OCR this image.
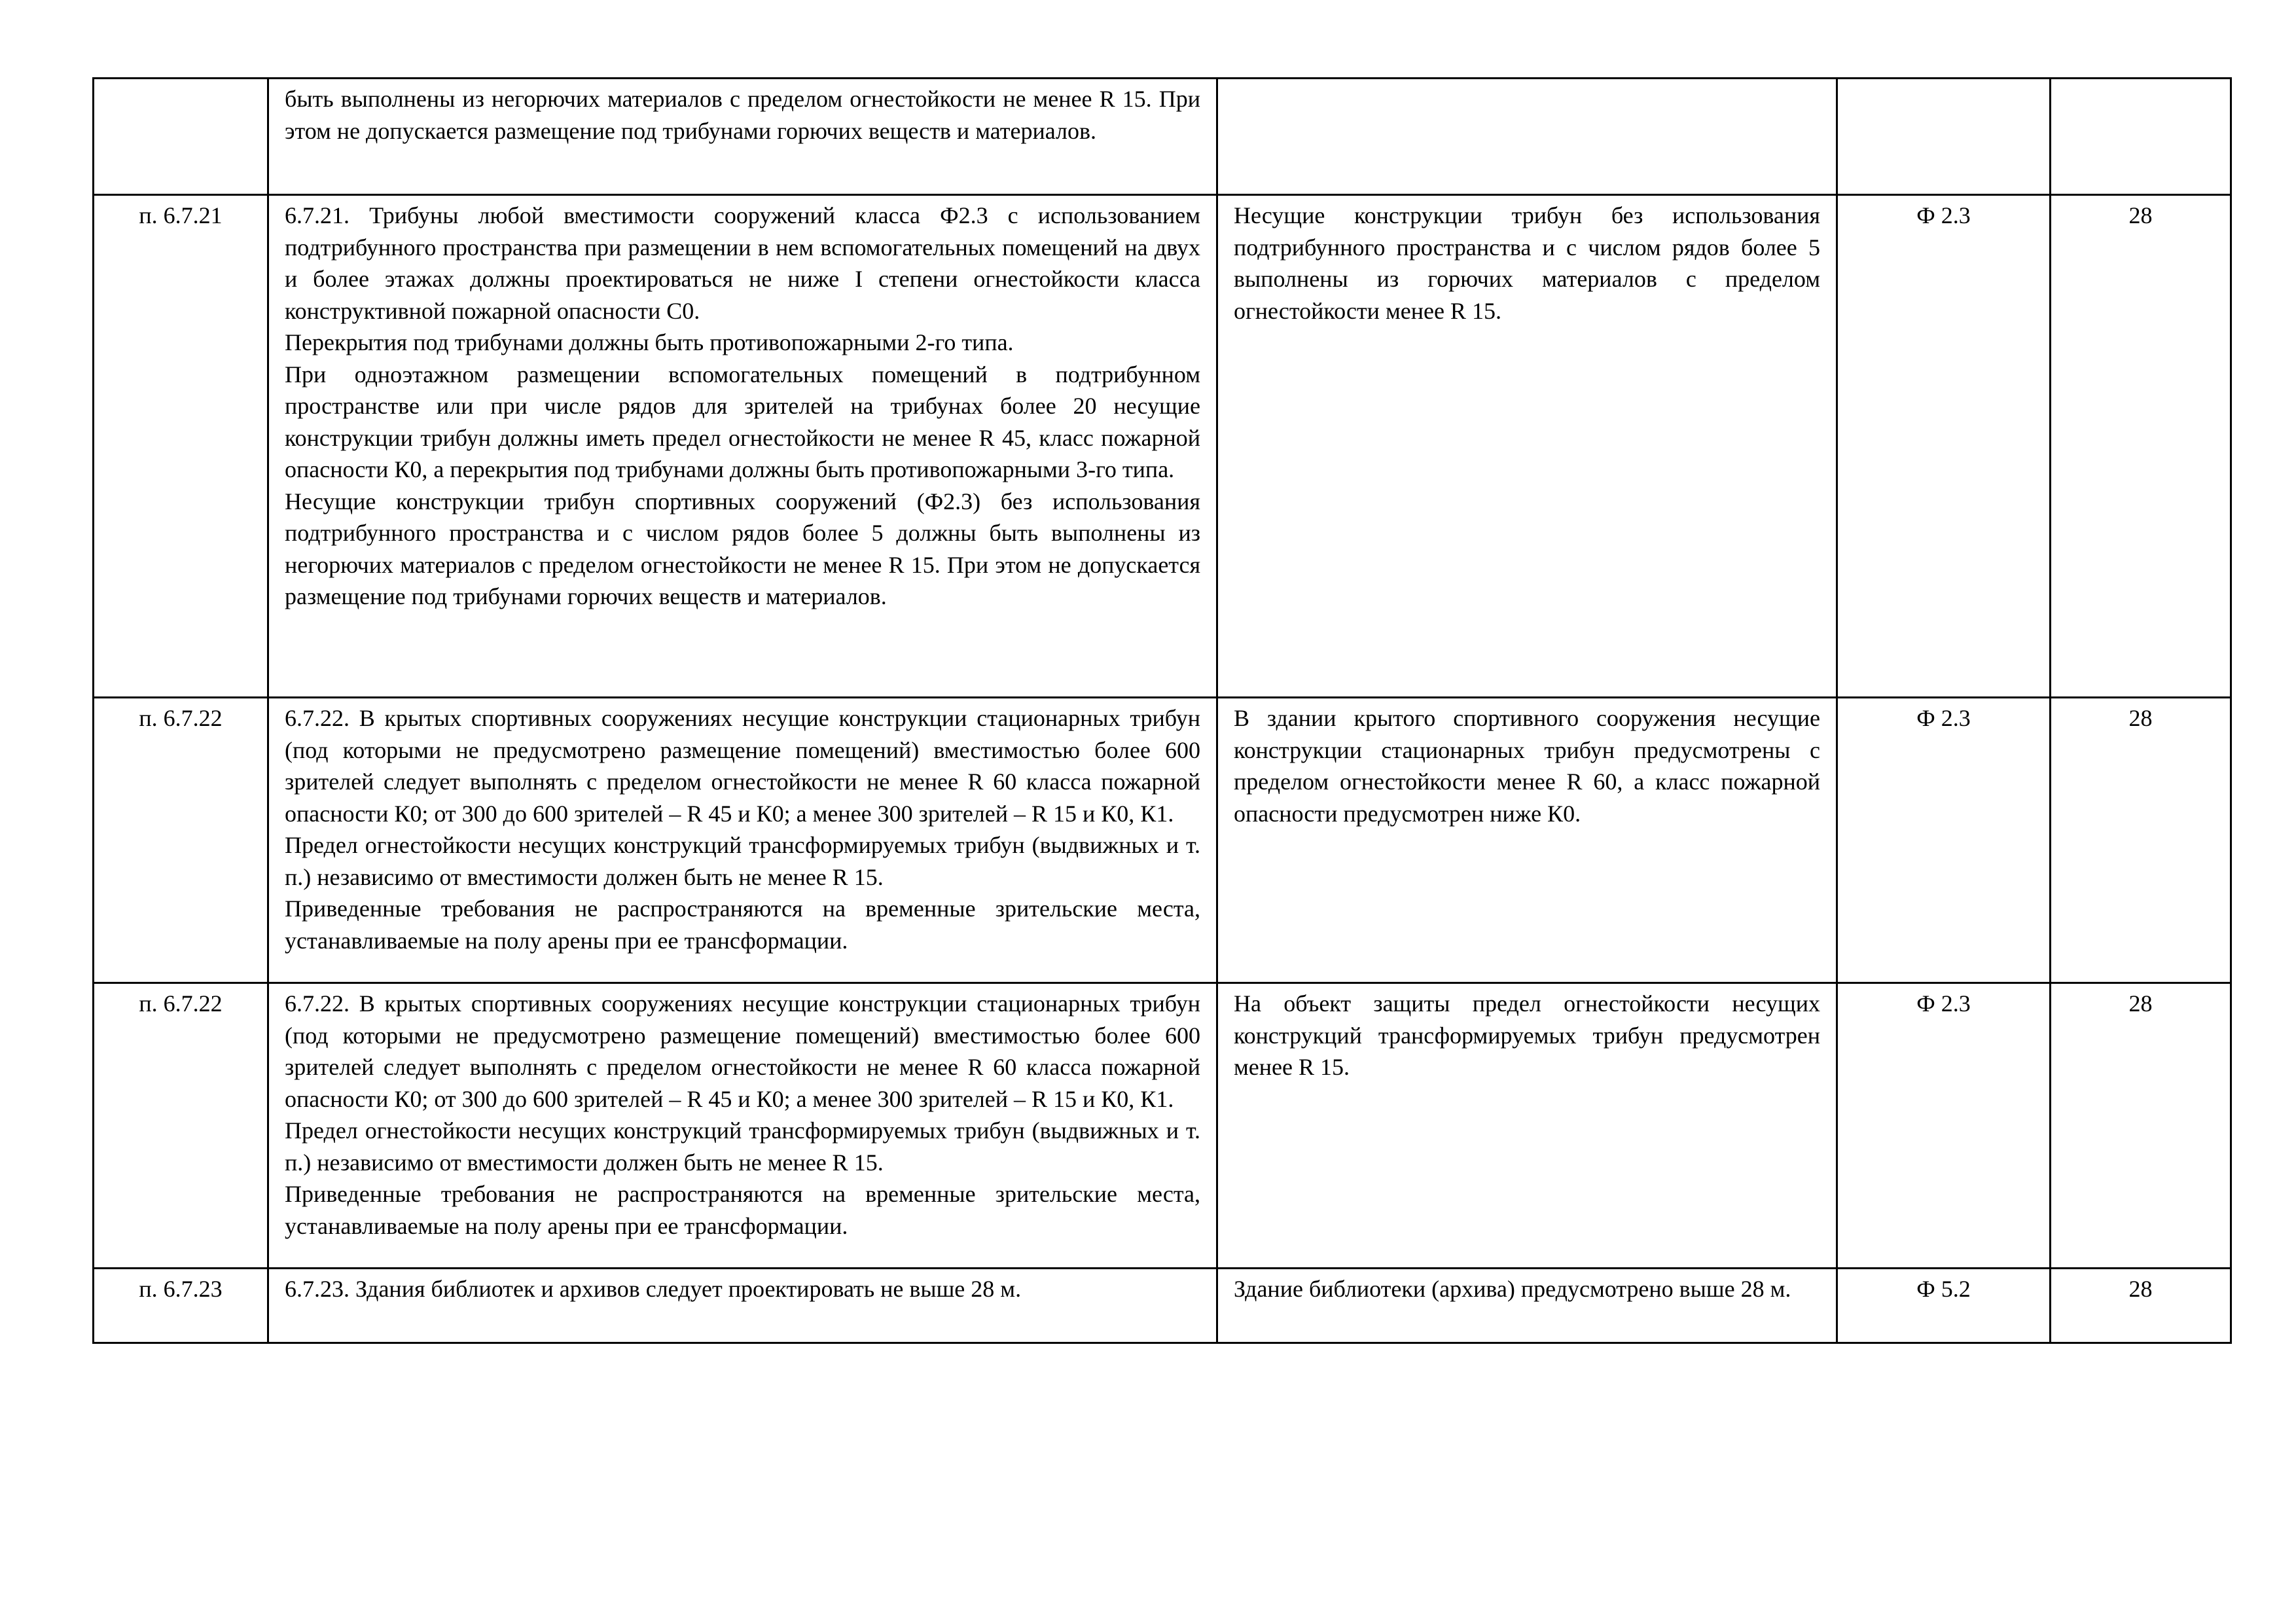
	быть выполнены из негорючих материалов с пределом огнестойкости не менее R 15. При этом не допускается размещение под трибунами горючих веществ и материалов.			

п. 6.7.21	6.7.21. Трибуны любой вместимости сооружений класса Ф2.3 с использованием подтрибунного пространства при размещении в нем вспомогательных помещений на двух и более этажах должны проектироваться не ниже I степени огнестойкости класса конструктивной пожарной опасности С0.
Перекрытия под трибунами должны быть противопожарными 2-го типа.
При одноэтажном размещении вспомогательных помещений в подтрибунном пространстве или при числе рядов для зрителей на трибунах более 20 несущие конструкции трибун должны иметь предел огнестойкости не менее R 45, класс пожарной опасности К0, а перекрытия под трибунами должны быть противопожарными 3-го типа.
Несущие конструкции трибун спортивных сооружений (Ф2.3) без использования подтрибунного пространства и с числом рядов более 5 должны быть выполнены из негорючих материалов с пределом огнестойкости не менее R 15. При этом не допускается размещение под трибунами горючих веществ и материалов.	Несущие конструкции трибун без использования подтрибунного пространства и с числом рядов более 5 выполнены из горючих материалов с пределом огнестойкости менее R 15.	Ф 2.3	28
п. 6.7.22	6.7.22. В крытых спортивных сооружениях несущие конструкции стационарных трибун (под которыми не предусмотрено размещение помещений) вместимостью более 600 зрителей следует выполнять с пределом огнестойкости не менее R 60 класса пожарной опасности К0; от 300 до 600 зрителей – R 45 и К0; а менее 300 зрителей – R 15 и К0, К1.
Предел огнестойкости несущих конструкций трансформируемых трибун (выдвижных и т. п.) независимо от вместимости должен быть не менее R 15.
Приведенные требования не распространяются на временные зрительские места, устанавливаемые на полу арены при ее трансформации.	В здании крытого спортивного сооружения несущие конструкции стационарных трибун предусмотрены с пределом огнестойкости менее R 60, а класс пожарной опасности предусмотрен ниже К0.	Ф 2.3	28
п. 6.7.22	6.7.22. В крытых спортивных сооружениях несущие конструкции стационарных трибун (под которыми не предусмотрено размещение помещений) вместимостью более 600 зрителей следует выполнять с пределом огнестойкости не менее R 60 класса пожарной опасности К0; от 300 до 600 зрителей – R 45 и К0; а менее 300 зрителей – R 15 и К0, К1.
Предел огнестойкости несущих конструкций трансформируемых трибун (выдвижных и т. п.) независимо от вместимости должен быть не менее R 15.
Приведенные требования не распространяются на временные зрительские места, устанавливаемые на полу арены при ее трансформации.	На объект защиты предел огнестойкости несущих конструкций трансформируемых трибун предусмотрен менее R 15.	Ф 2.3	28
п. 6.7.23	6.7.23. Здания библиотек и архивов следует проектировать не выше 28 м.	Здание библиотеки (архива) предусмотрено выше 28 м.	Ф 5.2	28
